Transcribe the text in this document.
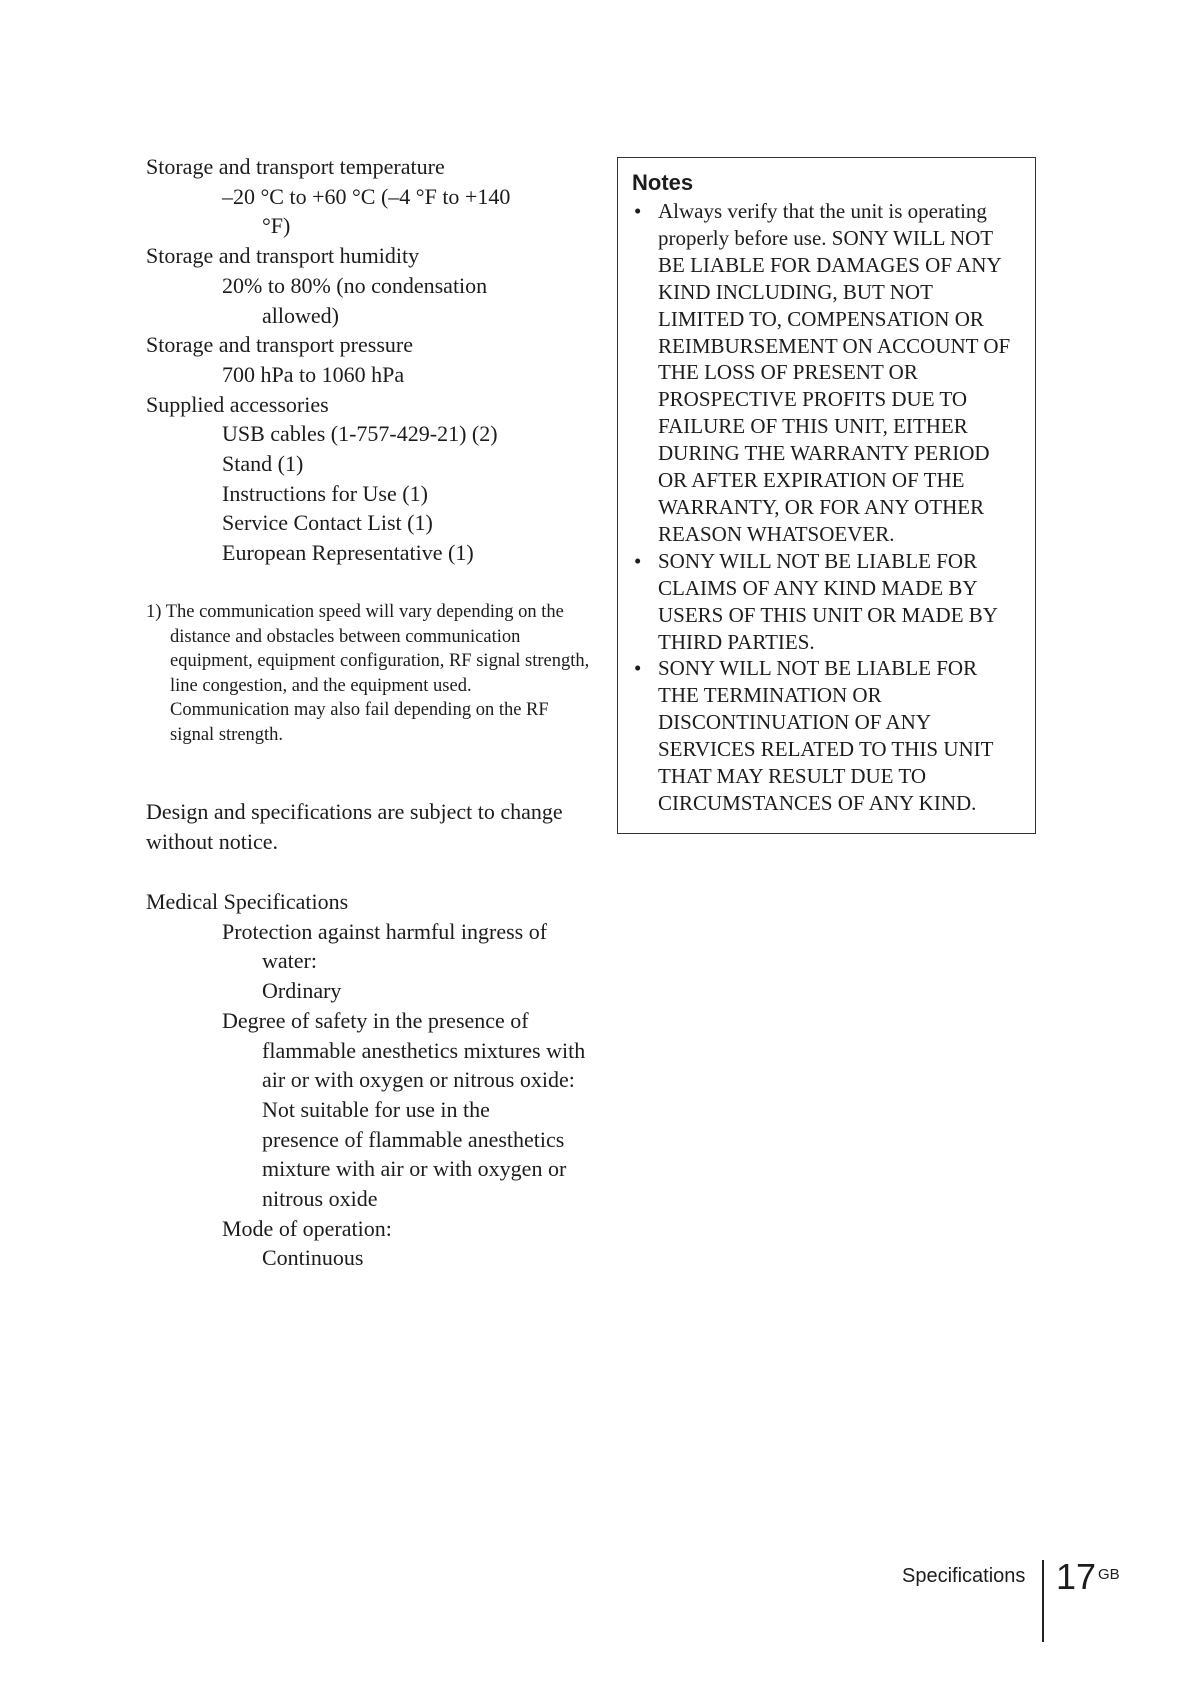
Storage and transport temperature

–20 °C to +60 °C (–4 °F to +140 °F)

Storage and transport humidity

20% to 80% (no condensation allowed)

Storage and transport pressure

700 hPa to 1060 hPa

Supplied accessories

USB cables (1-757-429-21) (2)

Stand (1)

Instructions for Use (1)

Service Contact List (1)

European Representative (1)

1) The communication speed will vary depending on the distance and obstacles between communication equipment, equipment configuration, RF signal strength, line congestion, and the equipment used. Communication may also fail depending on the RF signal strength.

Design and specifications are subject to change without notice.

Medical Specifications
Protection against harmful ingress of water:
Ordinary
Degree of safety in the presence of flammable anesthetics mixtures with air or with oxygen or nitrous oxide:
Not suitable for use in the presence of flammable anesthetics mixture with air or with oxygen or nitrous oxide
Mode of operation:
Continuous
Notes
• Always verify that the unit is operating properly before use. SONY WILL NOT BE LIABLE FOR DAMAGES OF ANY KIND INCLUDING, BUT NOT LIMITED TO, COMPENSATION OR REIMBURSEMENT ON ACCOUNT OF THE LOSS OF PRESENT OR PROSPECTIVE PROFITS DUE TO FAILURE OF THIS UNIT, EITHER DURING THE WARRANTY PERIOD OR AFTER EXPIRATION OF THE WARRANTY, OR FOR ANY OTHER REASON WHATSOEVER.
• SONY WILL NOT BE LIABLE FOR CLAIMS OF ANY KIND MADE BY USERS OF THIS UNIT OR MADE BY THIRD PARTIES.
• SONY WILL NOT BE LIABLE FOR THE TERMINATION OR DISCONTINUATION OF ANY SERVICES RELATED TO THIS UNIT THAT MAY RESULT DUE TO CIRCUMSTANCES OF ANY KIND.
Specifications 17 GB
